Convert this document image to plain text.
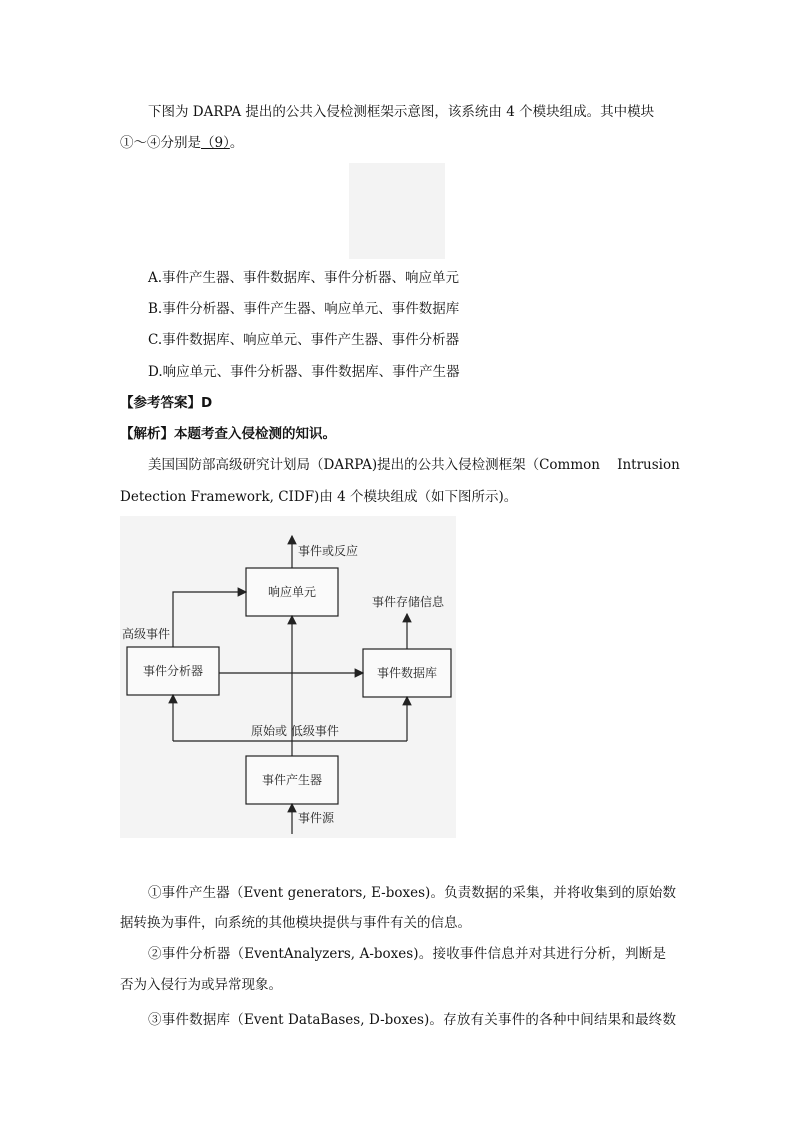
下图为 DARPA 提出的公共入侵检测框架示意图，该系统由 4 个模块组成。其中模块
①～④分别是（9）。
A.事件产生器、事件数据库、事件分析器、响应单元
B.事件分析器、事件产生器、响应单元、事件数据库
C.事件数据库、响应单元、事件产生器、事件分析器
D.响应单元、事件分析器、事件数据库、事件产生器
【参考答案】D
【解析】本题考查入侵检测的知识。
美国国防部高级研究计划局（DARPA)提出的公共入侵检测框架（Common    Intrusion
Detection Framework, CIDF)由 4 个模块组成（如下图所示)。
响应单元
事件分析器	事件数据库
事件产生器
事件或反应
事件存储信息
高级事件
原始或 低级事件
事件源
①事件产生器（Event generators, E-boxes)。负责数据的采集，并将收集到的原始数
据转换为事件，向系统的其他模块提供与事件有关的信息。
②事件分析器（EventAnalyzers, A-boxes)。接收事件信息并对其进行分析，判断是
否为入侵行为或异常现象。
③事件数据库（Event DataBases, D-boxes)。存放有关事件的各种中间结果和最终数
